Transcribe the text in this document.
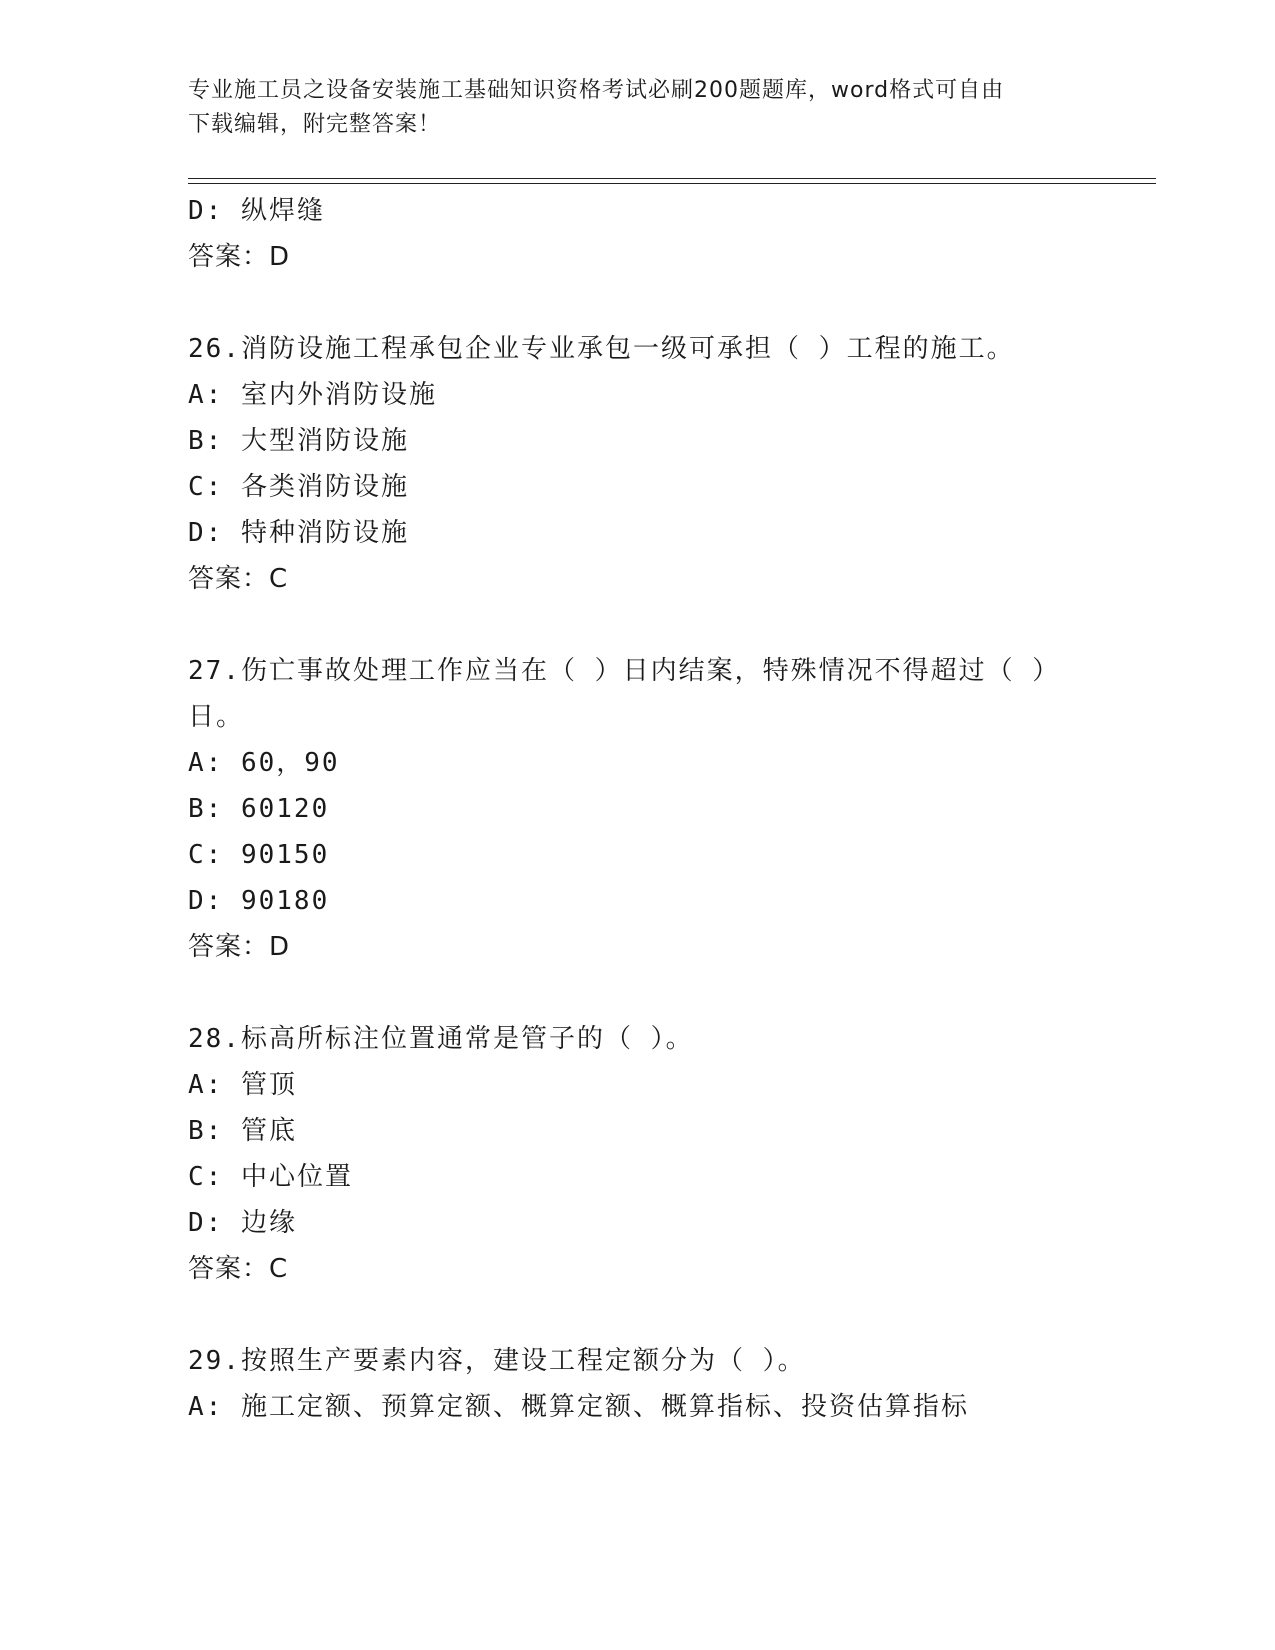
专业施工员之设备安装施工基础知识资格考试必刷200题题库，word格式可自由
下载编辑，附完整答案！
D: 纵焊缝
答案：D
26.消防设施工程承包企业专业承包一级可承担（ ）工程的施工。
A: 室内外消防设施
B: 大型消防设施
C: 各类消防设施
D: 特种消防设施
答案：C
27.伤亡事故处理工作应当在（ ）日内结案，特殊情况不得超过（ ）
日。
A: 60，90
B: 60120
C: 90150
D: 90180
答案：D
28.标高所标注位置通常是管子的（ ）。
A: 管顶
B: 管底
C: 中心位置
D: 边缘
答案：C
29.按照生产要素内容，建设工程定额分为（ ）。
A: 施工定额、预算定额、概算定额、概算指标、投资估算指标
